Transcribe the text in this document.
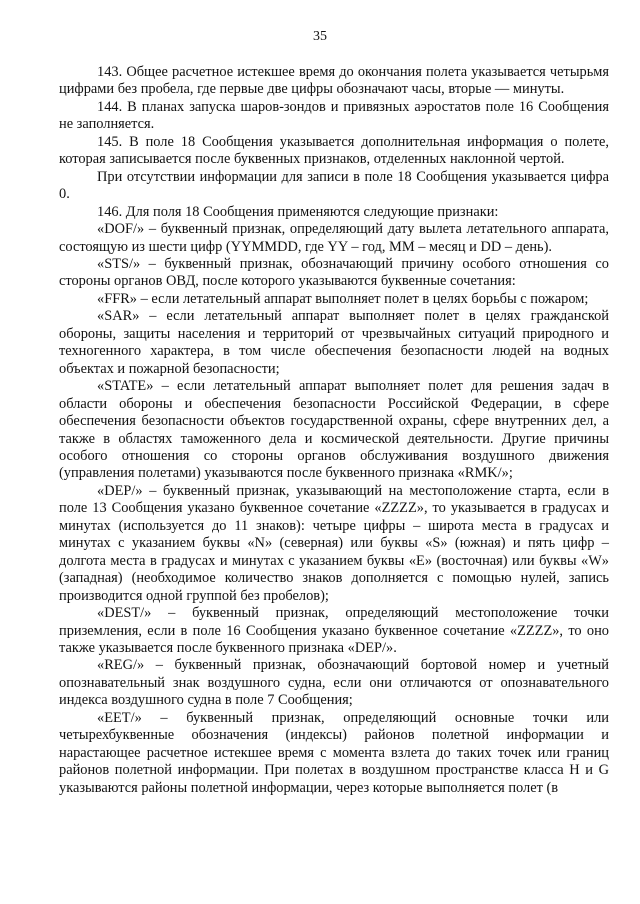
35

143. Общее расчетное истекшее время до окончания полета указывается четырьмя цифрами без пробела, где первые две цифры обозначают часы, вторые — минуты.

144. В планах запуска шаров-зондов и привязных аэростатов поле 16 Сообщения не заполняется.

145. В поле 18 Сообщения указывается дополнительная информация о полете, которая записывается после буквенных признаков, отделенных наклонной чертой.

При отсутствии информации для записи в поле 18 Сообщения указывается цифра 0.

146. Для поля 18 Сообщения применяются следующие признаки:

«DOF/» – буквенный признак, определяющий дату вылета летательного аппарата, состоящую из шести цифр (YYMMDD, где YY – год, MM – месяц и DD – день).

«STS/» – буквенный признак, обозначающий причину особого отношения со стороны органов ОВД, после которого указываются буквенные сочетания:

«FFR» – если летательный аппарат выполняет полет в целях борьбы с пожаром;

«SAR» – если летательный аппарат выполняет полет в целях гражданской обороны, защиты населения и территорий от чрезвычайных ситуаций природного и техногенного характера, в том числе обеспечения безопасности людей на водных объектах и пожарной безопасности;

«STATE» – если летательный аппарат выполняет полет для решения задач в области обороны и обеспечения безопасности Российской Федерации, в сфере обеспечения безопасности объектов государственной охраны, сфере внутренних дел, а также в областях таможенного дела и космической деятельности. Другие причины особого отношения со стороны органов обслуживания воздушного движения (управления полетами) указываются после буквенного признака «RMK/»;

«DEP/» – буквенный признак, указывающий на местоположение старта, если в поле 13 Сообщения указано буквенное сочетание «ZZZZ», то указывается в градусах и минутах (используется до 11 знаков): четыре цифры – широта места в градусах и минутах с указанием буквы «N» (северная) или буквы «S» (южная) и пять цифр – долгота места в градусах и минутах с указанием буквы «E» (восточная) или буквы «W» (западная) (необходимое количество знаков дополняется с помощью нулей, запись производится одной группой без пробелов);

«DEST/» – буквенный признак, определяющий местоположение точки приземления, если в поле 16 Сообщения указано буквенное сочетание «ZZZZ», то оно также указывается после буквенного признака «DEP/».

«REG/» – буквенный признак, обозначающий бортовой номер и учетный опознавательный знак воздушного судна, если они отличаются от опознавательного индекса воздушного судна в поле 7 Сообщения;

«EET/» – буквенный признак, определяющий основные точки или четырехбуквенные обозначения (индексы) районов полетной информации и нарастающее расчетное истекшее время с момента взлета до таких точек или границ районов полетной информации. При полетах в воздушном пространстве класса H и G указываются районы полетной информации, через которые выполняется полет (в
